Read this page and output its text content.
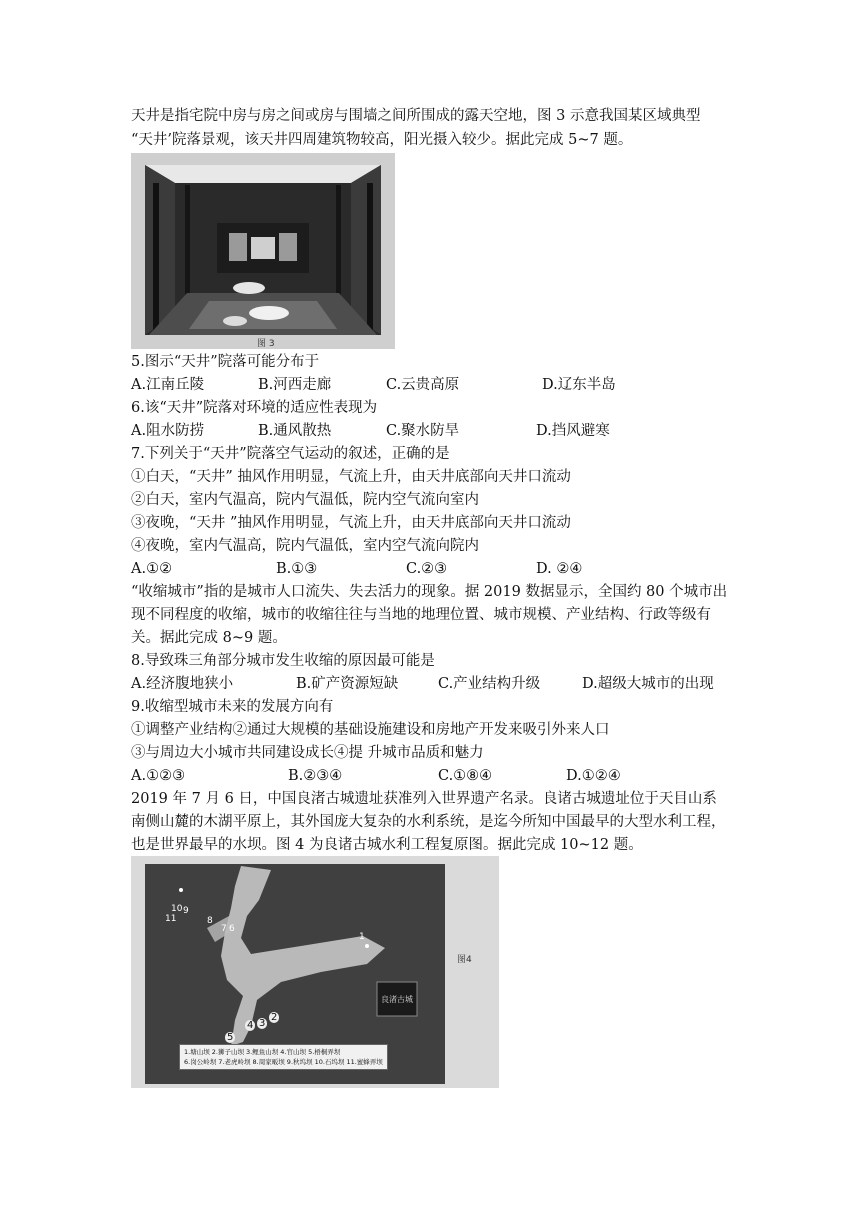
天井是指宅院中房与房之间或房与围墙之间所围成的露天空地，图 3 示意我国某区域典型
“天井’院落景观，该天井四周建筑物较高，阳光摄入较少。据此完成 5~7 题。
图 3
5.图示“天井”院落可能分布于
A.江南丘陵	B.河西走廊	C.云贵高原	D.辽东半岛
6.该“天井”院落对环境的适应性表现为
A.阻水防捞	B.通风散热	C.聚水防旱	D.挡风避寒
7.下列关于“天井”院落空气运动的叙述，正确的是
①白天，“天井” 抽风作用明显，气流上升，由天井底部向天井口流动
②白天，室内气温高，院内气温低，院内空气流向室内
③夜晚，“天井 ”抽风作用明显，气流上升，由天井底部向天井口流动
④夜晚，室内气温高，院内气温低，室内空气流向院内
A.①②	B.①③	C.②③	D. ②④
“收缩城市”指的是城市人口流失、失去活力的现象。据 2019 数据显示，全国约 80 个城市出
现不同程度的收缩，城市的收缩往往与当地的地理位置、城市规模、产业结构、行政等级有
关。据此完成 8~9 题。
8.导致珠三角部分城市发生收缩的原因最可能是
A.经济腹地狭小	B.矿产资源短缺	C.产业结构升级	D.超级大城市的出现
9.收缩型城市未来的发展方向有
①调整产业结构②通过大规模的基础设施建设和房地产开发来吸引外来人口
③与周边大小城市共同建设成长④提 升城市品质和魅力
A.①②③	B.②③④	C.①⑧④	D.①②④
2019 年 7 月 6 日，中国良渚古城遗址获准列入世界遗产名录。良诸古城遗址位于天目山系
南侧山麓的木湖平原上，其外国庞大复杂的水利系统，是迄今所知中国最早的大型水利工程，
也是世界最早的水坝。图 4 为良诸古城水利工程复原图。据此完成 10~12 题。
10 9
11	8
7 6
1
4 3
2
5
良渚古城
图4
1.塘山坝 2.狮子山坝 3.鲤鱼山坝 4.官山坝 5.梧桐弄坝
6.岗公岭坝 7.老虎岭坝 8.周家畈坝 9.秋坞坝 10.石坞坝 11.蜜蜂弄坝
